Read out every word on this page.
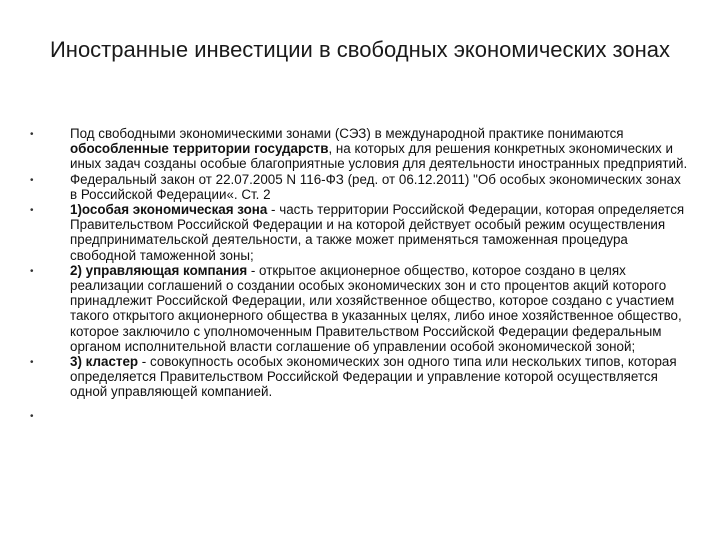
Иностранные инвестиции в свободных экономических зонах
•	Под свободными экономическими зонами (СЭЗ) в международной практике понимаются обособленные территории государств, на которых для решения конкретных экономических и иных задач созданы особые благоприятные условия для деятельности иностранных предприятий.
•	Федеральный закон от 22.07.2005 N 116-ФЗ (ред. от 06.12.2011) "Об особых экономических зонах в Российской Федерации«. Ст. 2
•	1)особая экономическая зона - часть территории Российской Федерации, которая определяется Правительством Российской Федерации и на которой действует особый режим осуществления предпринимательской деятельности, а также может применяться таможенная процедура свободной таможенной зоны;
•	2) управляющая компания - открытое акционерное общество, которое создано в целях реализации соглашений о создании особых экономических зон и сто процентов акций которого принадлежит Российской Федерации, или хозяйственное общество, которое создано с участием такого открытого акционерного общества в указанных целях, либо иное хозяйственное общество, которое заключило с уполномоченным Правительством Российской Федерации федеральным органом исполнительной власти соглашение об управлении особой экономической зоной;
•	3) кластер - совокупность особых экономических зон одного типа или нескольких типов, которая определяется Правительством Российской Федерации и управление которой осуществляется одной управляющей компанией.
•
